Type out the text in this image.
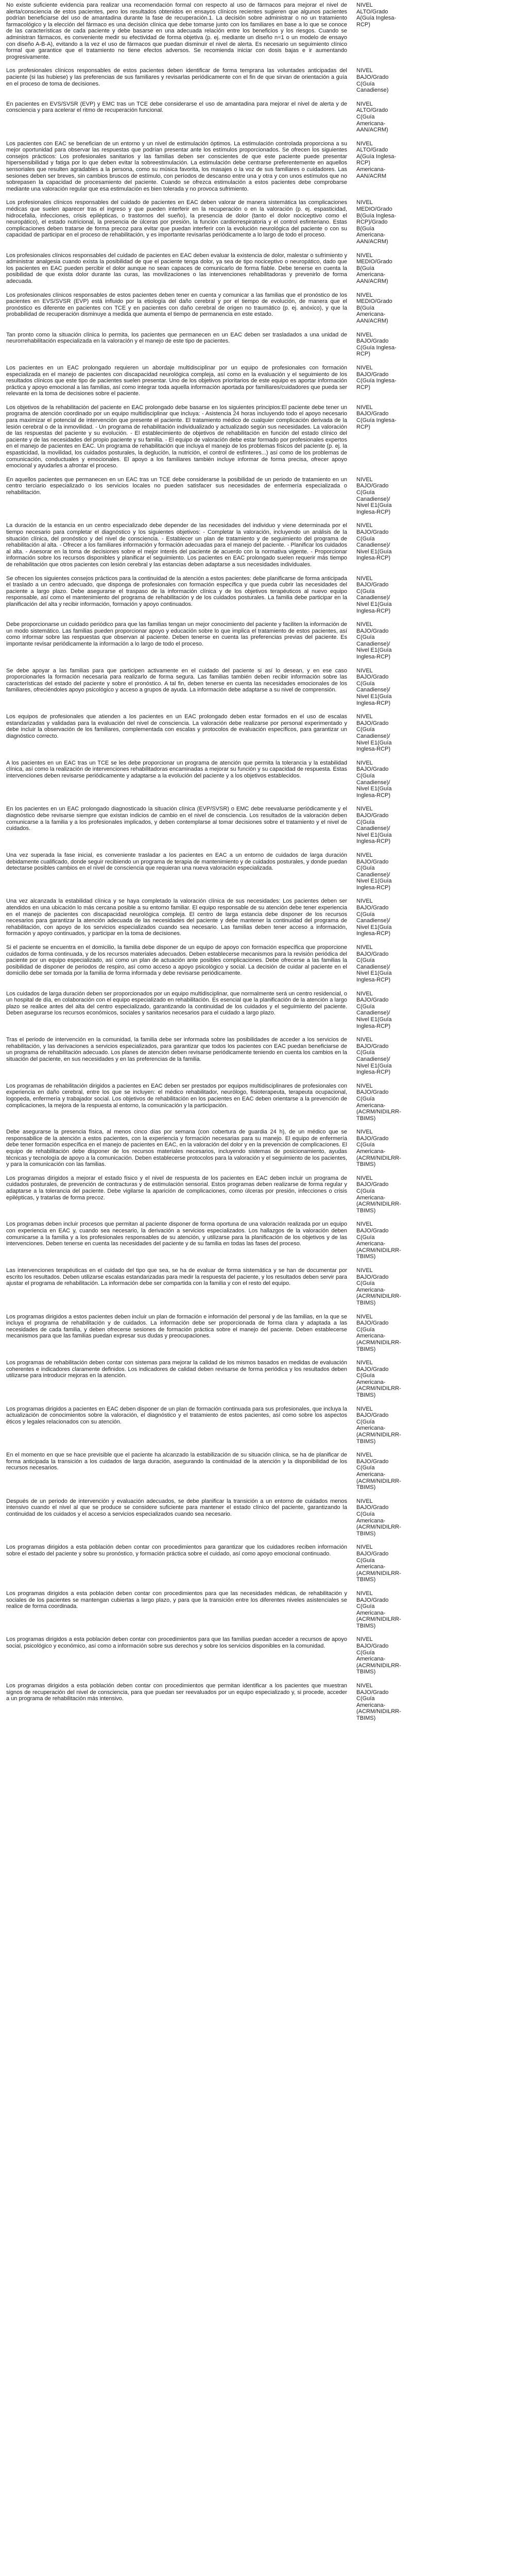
No existe suficiente evidencia para realizar una recomendación formal con respecto al uso de fármacos para mejorar el nivel de alerta/consciencia de estos pacientes, pero los resultados obtenidos en ensayos clínicos recientes sugieren que algunos pacientes podrían beneficiarse del uso de amantadina durante la fase de recuperación.1. La decisión sobre administrar o no un tratamiento farmacológico y la elección del fármaco es una decisión clínica que debe tomarse junto con los familiares en base a lo que se conoce de las características de cada paciente y debe basarse en una adecuada relación entre los beneficios y los riesgos. Cuando se administran fármacos, es conveniente medir su efectividad de forma objetiva (p. ej. mediante un diseño n=1 o un modelo de ensayo con diseño A-B-A), evitando a la vez el uso de fármacos que puedan disminuir el nivel de alerta. Es necesario un seguimiento clínico formal que garantice que el tratamiento no tiene efectos adversos. Se recomienda iniciar con dosis bajas e ir aumentando progresivamente.

NIVEL
ALTO/Grado
A(Guía Inglesa-
RCP)

Los profesionales clínicos responsables de estos pacientes deben identificar de forma temprana las voluntades anticipadas del paciente (si las hubiese) y las preferencias de sus familiares y revisarlas periódicamente con el fin de que sirvan de orientación a guía en el proceso de toma de decisiones.

NIVEL
BAJO/Grado
C(Guía
Canadiense)

En pacientes en EVS/SVSR (EVP) y EMC tras un TCE debe considerarse el uso de amantadina para mejorar el nivel de alerta y de consciencia y para acelerar el ritmo de recuperación funcional.

NIVEL
ALTO/Grado
C(Guía
Americana-
AAN/ACRM)

Los pacientes con EAC se benefician de un entorno y un nivel de estimulación óptimos. La estimulación controlada proporciona a su mejor oportunidad para observar las respuestas que podrían presentar ante los estímulos proporcionados. Se ofrecen los siguientes consejos prácticos: Los profesionales sanitarios y las familias deben ser conscientes de que este paciente puede presentar hipersensibilidad y fatiga por lo que deben evitar la sobreestimulación. La estimulación debe centrarse preferentemente en aquellos sensoriales que resulten agradables a la persona, como su música favorita, los masajes o la voz de sus familiares o cuidadores. Las sesiones deben ser breves, sin cambios bruscos de estímulo, con períodos de descanso entre una y otra y con unos estímulos que no sobrepasen la capacidad de procesamiento del paciente. Cuando se ofrezca estimulación a estos pacientes debe comprobarse mediante una valoración regular que esa estimulación es bien tolerada y no provoca sufrimiento.

NIVEL
ALTO/Grado
A(Guía Inglesa-
RCP)
Americana-
AAN/ACRM

Los profesionales clínicos responsables del cuidado de pacientes en EAC deben valorar de manera sistemática las complicaciones médicas que suelen aparecer tras el ingreso y que pueden interferir en la recuperación o en la valoración (p. ej. espasticidad, hidrocefalia, infecciones, crisis epilépticas, o trastornos del sueño), la presencia de dolor (tanto el dolor nociceptivo como el neuropático), el estado nutricional, la presencia de úlceras por presión, la función cardiorrespiratoria y el control esfinteriano. Estas complicaciones deben tratarse de forma precoz para evitar que puedan interferir con la evolución neurológica del paciente o con su capacidad de participar en el proceso de rehabilitación, y es importante revisarlas periódicamente a lo largo de todo el proceso.

NIVEL
MEDIO/Grado
B(Guía Inglesa-
RCP)/Grado
B(Guía
Americana-
AAN/ACRM)

Los profesionales clínicos responsables del cuidado de pacientes en EAC deben evaluar la existencia de dolor, malestar o sufrimiento y administrar analgesia cuando exista la posibilidad de que el paciente tenga dolor, ya sea de tipo nociceptivo o neuropático, dado que los pacientes en EAC pueden percibir el dolor aunque no sean capaces de comunicarlo de forma fiable. Debe tenerse en cuenta la posibilidad de que exista dolor durante las curas, las movilizaciones o las intervenciones rehabilitadoras y prevenirlo de forma adecuada.

NIVEL
MEDIO/Grado
B(Guía
Americana-
AAN/ACRM)

Los profesionales clínicos responsables de estos pacientes deben tener en cuenta y comunicar a las familias que el pronóstico de los pacientes en EVS/SVSR (EVP) está influido por la etiología del daño cerebral y por el tiempo de evolución, de manera que el pronóstico es diferente en pacientes con TCE y en pacientes con daño cerebral de origen no traumático (p. ej. anóxico), y que la probabilidad de recuperación disminuye a medida que aumenta el tiempo de permanencia en este estado.

NIVEL
MEDIO/Grado
B(Guía
Americana-
AAN/ACRM)

Tan pronto como la situación clínica lo permita, los pacientes que permanecen en un EAC deben ser trasladados a una unidad de neurorrehabilitación especializada en la valoración y el manejo de este tipo de pacientes.

NIVEL
BAJO/Grado
C(Guía Inglesa-
RCP)

Los pacientes en un EAC prolongado requieren un abordaje multidisciplinar por un equipo de profesionales con formación especializada en el manejo de pacientes con discapacidad neurológica compleja, así como en la evaluación y el seguimiento de los resultados clínicos que este tipo de pacientes suelen presentar. Uno de los objetivos prioritarios de este equipo es aportar información práctica y apoyo emocional a las familias, así como integrar toda aquella información aportada por familiares/cuidadores que pueda ser relevante en la toma de decisiones sobre el paciente.

NIVEL
BAJO/Grado
C(Guía Inglesa-
RCP)

Los objetivos de la rehabilitación del paciente en EAC prolongado debe basarse en los siguientes principios:El paciente debe tener un programa de atención coordinado por un equipo multidisciplinar que incluya: - Asistencia 24 horas incluyendo todo el apoyo necesario para maximizar el potencial de intervención que presente el paciente. El tratamiento médico de cualquier complicación derivada de la lesión cerebral o de la inmovilidad. - Un programa de rehabilitación individualizado y actualizado según sus necesidades. La valoración de las respuestas del paciente y su evolución. - El establecimiento de objetivos de rehabilitación en función del estado clínico del paciente y de las necesidades del propio paciente y su familia. - El equipo de valoración debe estar formado por profesionales expertos en el manejo de pacientes en EAC. Un programa de rehabilitación que incluya el manejo de los problemas físicos del paciente (p. ej. la espasticidad, la movilidad, los cuidados posturales, la deglución, la nutrición, el control de esfínteres...) así como de los problemas de comunicación, conductuales y emocionales. El apoyo a los familiares también incluye informar de forma precisa, ofrecer apoyo emocional y ayudarles a afrontar el proceso.

NIVEL
BAJO/Grado
C(Guía Inglesa-
RCP)

En aquellos pacientes que permanecen en un EAC tras un TCE debe considerarse la posibilidad de un periodo de tratamiento en un centro terciario especializado o los servicios locales no pueden satisfacer sus necesidades de enfermería especializada o rehabilitación.

NIVEL
BAJO/Grado
C(Guía
Canadiense)/
Nivel E1(Guía
Inglesa-RCP)

La duración de la estancia en un centro especializado debe depender de las necesidades del individuo y viene determinada por el tiempo necesario para completar el diagnóstico y los siguientes objetivos: - Completar la valoración, incluyendo un análisis de la situación clínica, del pronóstico y del nivel de consciencia. - Establecer un plan de tratamiento y de seguimiento del programa de rehabilitación al alta. - Ofrecer a los familiares información y formación adecuadas para el manejo del paciente. - Planificar los cuidados al alta. - Asesorar en la toma de decisiones sobre el mejor interés del paciente de acuerdo con la normativa vigente. - Proporcionar información sobre los recursos disponibles y planificar el seguimiento. Los pacientes en EAC prolongado suelen requerir más tiempo de rehabilitación que otros pacientes con lesión cerebral y las estancias deben adaptarse a sus necesidades individuales.

NIVEL
BAJO/Grado
C(Guía
Canadiense)/
Nivel E1(Guía
Inglesa-RCP)

Se ofrecen los siguientes consejos prácticos para la continuidad de la atención a estos pacientes: debe planificarse de forma anticipada el traslado a un centro adecuado, que disponga de profesionales con formación específica y que pueda cubrir las necesidades del paciente a largo plazo. Debe asegurarse el traspaso de la información clínica y de los objetivos terapéuticos al nuevo equipo responsable, así como el mantenimiento del programa de rehabilitación y de los cuidados posturales. La familia debe participar en la planificación del alta y recibir información, formación y apoyo continuados.

NIVEL
BAJO/Grado
C(Guía
Canadiense)/
Nivel E1(Guía
Inglesa-RCP)

Debe proporcionarse un cuidado periódico para que las familias tengan un mejor conocimiento del paciente y faciliten la información de un modo sistemático. Las familias pueden proporcionar apoyo y educación sobre lo que implica el tratamiento de estos pacientes, así como informar sobre las respuestas que observan al paciente. Deben tenerse en cuenta las preferencias previas del paciente. Es importante revisar periódicamente la información a lo largo de todo el proceso.

NIVEL
BAJO/Grado
C(Guía
Canadiense)/
Nivel E1(Guía
Inglesa-RCP)

Se debe apoyar a las familias para que participen activamente en el cuidado del paciente si así lo desean, y en ese caso proporcionarles la formación necesaria para realizarlo de forma segura. Las familias también deben recibir información sobre las características del estado del paciente y sobre el pronóstico. A tal fin, deben tenerse en cuenta las necesidades emocionales de los familiares, ofreciéndoles apoyo psicológico y acceso a grupos de ayuda. La información debe adaptarse a su nivel de comprensión.

NIVEL
BAJO/Grado
C(Guía
Canadiense)/
Nivel E1(Guía
Inglesa-RCP)

Los equipos de profesionales que atienden a los pacientes en un EAC prolongado deben estar formados en el uso de escalas estandarizadas y validadas para la evaluación del nivel de consciencia. La valoración debe realizarse por personal experimentado y debe incluir la observación de los familiares, complementada con escalas y protocolos de evaluación específicos, para garantizar un diagnóstico correcto.

NIVEL
BAJO/Grado
C(Guía
Canadiense)/
Nivel E1(Guía
Inglesa-RCP)

A los pacientes en un EAC tras un TCE se les debe proporcionar un programa de atención que permita la tolerancia y la estabilidad clínica, así como la realización de intervenciones rehabilitadoras encaminadas a mejorar su función y su capacidad de respuesta. Estas intervenciones deben revisarse periódicamente y adaptarse a la evolución del paciente y a los objetivos establecidos.

NIVEL
BAJO/Grado
C(Guía
Canadiense)/
Nivel E1(Guía
Inglesa-RCP)

En los pacientes en un EAC prolongado diagnosticado la situación clínica (EVP/SVSR) o EMC debe reevaluarse periódicamente y el diagnóstico debe revisarse siempre que existan indicios de cambio en el nivel de consciencia. Los resultados de la valoración deben comunicarse a la familia y a los profesionales implicados, y deben contemplarse al tomar decisiones sobre el tratamiento y el nivel de cuidados.

NIVEL
BAJO/Grado
C(Guía
Canadiense)/
Nivel E1(Guía
Inglesa-RCP)

Una vez superada la fase inicial, es conveniente trasladar a los pacientes en EAC a un entorno de cuidados de larga duración debidamente cualificado, donde seguir recibiendo un programa de terapia de mantenimiento y de cuidados posturales, y donde puedan detectarse posibles cambios en el nivel de consciencia que requieran una nueva valoración especializada.

NIVEL
BAJO/Grado
C(Guía
Canadiense)/
Nivel E1(Guía
Inglesa-RCP)

Una vez alcanzada la estabilidad clínica y se haya completado la valoración clínica de sus necesidades: Los pacientes deben ser atendidos en una ubicación lo más cercana posible a su entorno familiar. El equipo responsable de su atención debe tener experiencia en el manejo de pacientes con discapacidad neurológica compleja. El centro de larga estancia debe disponer de los recursos necesarios para garantizar la atención adecuada de las necesidades del paciente y debe mantener la continuidad del programa de rehabilitación, con apoyo de los servicios especializados cuando sea necesario. Las familias deben tener acceso a información, formación y apoyo continuados, y participar en la toma de decisiones.

NIVEL
BAJO/Grado
C(Guía
Canadiense)/
Nivel E1(Guía
Inglesa-RCP)

Si el paciente se encuentra en el domicilio, la familia debe disponer de un equipo de apoyo con formación específica que proporcione cuidados de forma continuada, y de los recursos materiales adecuados. Deben establecerse mecanismos para la revisión periódica del paciente por un equipo especializado, así como un plan de actuación ante posibles complicaciones. Debe ofrecerse a las familias la posibilidad de disponer de periodos de respiro, así como acceso a apoyo psicológico y social. La decisión de cuidar al paciente en el domicilio debe ser tomada por la familia de forma informada y debe revisarse periódicamente.

NIVEL
BAJO/Grado
C(Guía
Canadiense)/
Nivel E1(Guía
Inglesa-RCP)

Los cuidados de larga duración deben ser proporcionados por un equipo multidisciplinar, que normalmente será un centro residencial, o un hospital de día, en colaboración con el equipo especializado en rehabilitación. Es esencial que la planificación de la atención a largo plazo se realice antes del alta del centro especializado, garantizando la continuidad de los cuidados y el seguimiento del paciente. Deben asegurarse los recursos económicos, sociales y sanitarios necesarios para el cuidado a largo plazo.

NIVEL
BAJO/Grado
C(Guía
Canadiense)/
Nivel E1(Guía
Inglesa-RCP)

Tras el periodo de intervención en la comunidad, la familia debe ser informada sobre las posibilidades de acceder a los servicios de rehabilitación, y las derivaciones a servicios especializados, para garantizar que todos los pacientes con EAC puedan beneficiarse de un programa de rehabilitación adecuado. Los planes de atención deben revisarse periódicamente teniendo en cuenta los cambios en la situación del paciente, en sus necesidades y en las preferencias de la familia.

NIVEL
BAJO/Grado
C(Guía
Canadiense)/
Nivel E1(Guía
Inglesa-RCP)

Los programas de rehabilitación dirigidos a pacientes en EAC deben ser prestados por equipos multidisciplinares de profesionales con experiencia en daño cerebral, entre los que se incluyen: el médico rehabilitador, neurólogo, fisioterapeuta, terapeuta ocupacional, logopeda, enfermería y trabajador social. Los objetivos de rehabilitación en los pacientes en EAC deben orientarse a la prevención de complicaciones, la mejora de la respuesta al entorno, la comunicación y la participación.

NIVEL
BAJO/Grado
C(Guía
Americana-
(ACRM/NIDILRR-
TBIMS)

Debe asegurarse la presencia física, al menos cinco días por semana (con cobertura de guardia 24 h), de un médico que se responsabilice de la atención a estos pacientes, con la experiencia y formación necesarias para su manejo. El equipo de enfermería debe tener formación específica en el manejo de pacientes en EAC, en la valoración del dolor y en la prevención de complicaciones. El equipo de rehabilitación debe disponer de los recursos materiales necesarios, incluyendo sistemas de posicionamiento, ayudas técnicas y tecnología de apoyo a la comunicación. Deben establecerse protocolos para la valoración y el seguimiento de los pacientes, y para la comunicación con las familias.

NIVEL
BAJO/Grado
C(Guía
Americana-
(ACRM/NIDILRR-
TBIMS)

Los programas dirigidos a mejorar el estado físico y el nivel de respuesta de los pacientes en EAC deben incluir un programa de cuidados posturales, de prevención de contracturas y de estimulación sensorial. Estos programas deben realizarse de forma regular y adaptarse a la tolerancia del paciente. Debe vigilarse la aparición de complicaciones, como úlceras por presión, infecciones o crisis epilépticas, y tratarlas de forma precoz.

NIVEL
BAJO/Grado
C(Guía
Americana-
(ACRM/NIDILRR-
TBIMS)

Los programas deben incluir procesos que permitan al paciente disponer de forma oportuna de una valoración realizada por un equipo con experiencia en EAC y, cuando sea necesario, la derivación a servicios especializados. Los hallazgos de la valoración deben comunicarse a la familia y a los profesionales responsables de su atención, y utilizarse para la planificación de los objetivos y de las intervenciones. Deben tenerse en cuenta las necesidades del paciente y de su familia en todas las fases del proceso.

NIVEL
BAJO/Grado
C(Guía
Americana-
(ACRM/NIDILRR-
TBIMS)

Las intervenciones terapéuticas en el cuidado del tipo que sea, se ha de evaluar de forma sistemática y se han de documentar por escrito los resultados. Deben utilizarse escalas estandarizadas para medir la respuesta del paciente, y los resultados deben servir para ajustar el programa de rehabilitación. La información debe ser compartida con la familia y con el resto del equipo.

NIVEL
BAJO/Grado
C(Guía
Americana-
(ACRM/NIDILRR-
TBIMS)

Los programas dirigidos a estos pacientes deben incluir un plan de formación e información del personal y de las familias, en la que se incluya el programa de rehabilitación y de cuidados. La información debe ser proporcionada de forma clara y adaptada a las necesidades de cada familia, y deben ofrecerse sesiones de formación práctica sobre el manejo del paciente. Deben establecerse mecanismos para que las familias puedan expresar sus dudas y preocupaciones.

NIVEL
BAJO/Grado
C(Guía
Americana-
(ACRM/NIDILRR-
TBIMS)

Los programas de rehabilitación deben contar con sistemas para mejorar la calidad de los mismos basados en medidas de evaluación coherentes e indicadores claramente definidos. Los indicadores de calidad deben revisarse de forma periódica y los resultados deben utilizarse para introducir mejoras en la atención.

NIVEL
BAJO/Grado
C(Guía
Americana-
(ACRM/NIDILRR-
TBIMS)

Los programas dirigidos a pacientes en EAC deben disponer de un plan de formación continuada para sus profesionales, que incluya la actualización de conocimientos sobre la valoración, el diagnóstico y el tratamiento de estos pacientes, así como sobre los aspectos éticos y legales relacionados con su atención.

NIVEL
BAJO/Grado
C(Guía
Americana-
(ACRM/NIDILRR-
TBIMS)

En el momento en que se hace previsible que el paciente ha alcanzado la estabilización de su situación clínica, se ha de planificar de forma anticipada la transición a los cuidados de larga duración, asegurando la continuidad de la atención y la disponibilidad de los recursos necesarios.

NIVEL
BAJO/Grado
C(Guía
Americana-
(ACRM/NIDILRR-
TBIMS)

Después de un periodo de intervención y evaluación adecuados, se debe planificar la transición a un entorno de cuidados menos intensivo cuando el nivel al que se produce se considere suficiente para mantener el estado clínico del paciente, garantizando la continuidad de los cuidados y el acceso a servicios especializados cuando sea necesario.

NIVEL
BAJO/Grado
C(Guía
Americana-
(ACRM/NIDILRR-
TBIMS)

Los programas dirigidos a esta población deben contar con procedimientos para garantizar que los cuidadores reciben información sobre el estado del paciente y sobre su pronóstico, y formación práctica sobre el cuidado, así como apoyo emocional continuado.

NIVEL
BAJO/Grado
C(Guía
Americana-
(ACRM/NIDILRR-
TBIMS)

Los programas dirigidos a esta población deben contar con procedimientos para que las necesidades médicas, de rehabilitación y sociales de los pacientes se mantengan cubiertas a largo plazo, y para que la transición entre los diferentes niveles asistenciales se realice de forma coordinada.

NIVEL
BAJO/Grado
C(Guía
Americana-
(ACRM/NIDILRR-
TBIMS)

Los programas dirigidos a esta población deben contar con procedimientos para que las familias puedan acceder a recursos de apoyo social, psicológico y económico, así como a información sobre sus derechos y sobre los servicios disponibles en la comunidad.

NIVEL
BAJO/Grado
C(Guía
Americana-
(ACRM/NIDILRR-
TBIMS)

Los programas dirigidos a esta población deben contar con procedimientos que permitan identificar a los pacientes que muestran signos de recuperación del nivel de consciencia, para que puedan ser reevaluados por un equipo especializado y, si procede, acceder a un programa de rehabilitación más intensivo.

NIVEL
BAJO/Grado
C(Guía
Americana-
(ACRM/NIDILRR-
TBIMS)
